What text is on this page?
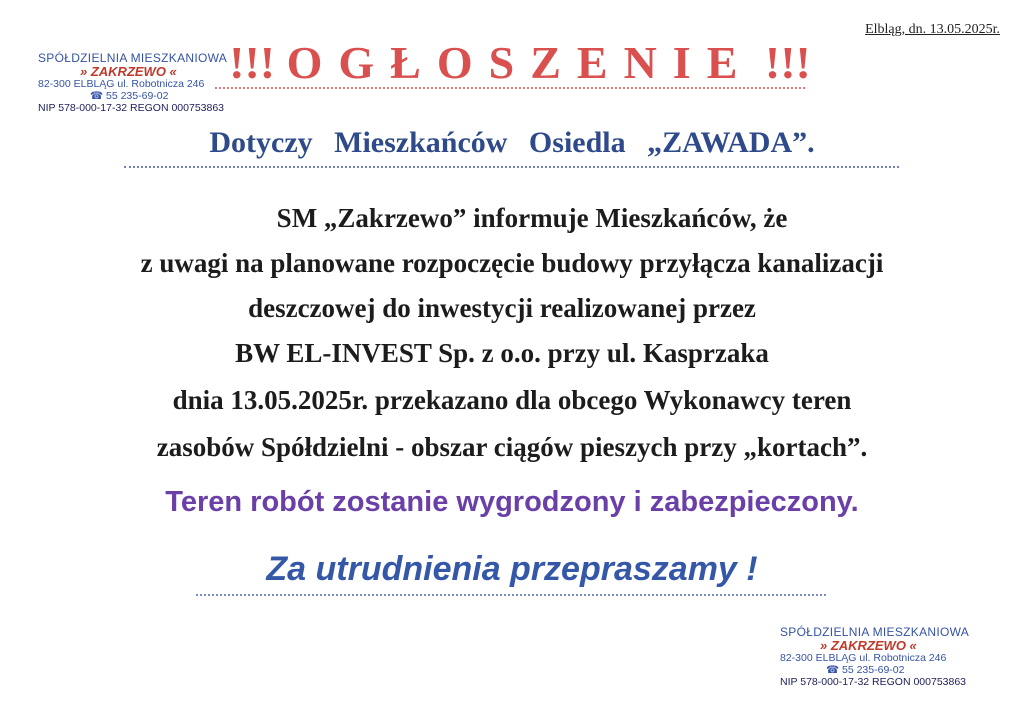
Elbląg, dn. 13.05.2025r.
SPÓŁDZIELNIA MIESZKANIOWA
» ZAKRZEWO «
82-300 ELBLĄG ul. Robotnicza 246
☎ 55 235-69-02
NIP 578-000-17-32 REGON 000753863
!!! OGŁOSZENIE !!!
Dotyczy Mieszkańców Osiedla „ZAWADA”.
SM „Zakrzewo” informuje Mieszkańców, że
z uwagi na planowane rozpoczęcie budowy przyłącza kanalizacji
deszczowej do inwestycji realizowanej przez
BW EL-INVEST Sp. z o.o. przy ul. Kasprzaka
dnia 13.05.2025r. przekazano dla obcego Wykonawcy teren
zasobów Spółdzielni - obszar ciągów pieszych przy „kortach”.
Teren robót zostanie wygrodzony i zabezpieczony.
Za utrudnienia przepraszamy !
SPÓŁDZIELNIA MIESZKANIOWA
» ZAKRZEWO «
82-300 ELBLĄG ul. Robotnicza 246
☎ 55 235-69-02
NIP 578-000-17-32 REGON 000753863
